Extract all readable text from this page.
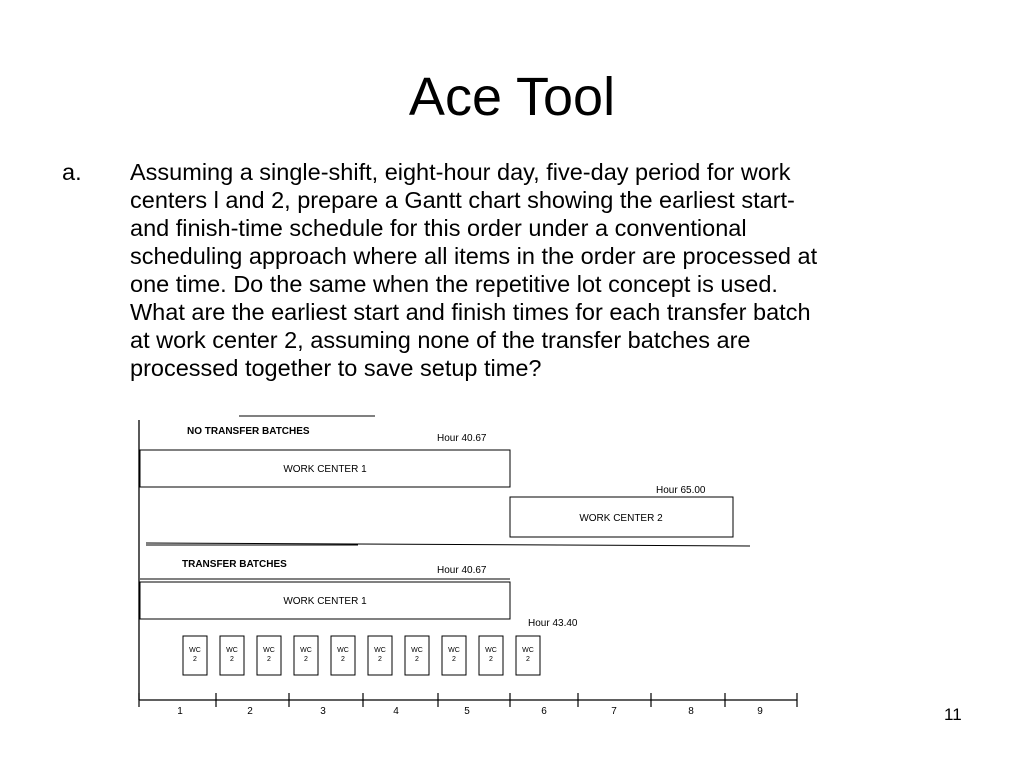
Ace Tool
a. Assuming a single-shift, eight-hour day, five-day period for work
centers l and 2, prepare a Gantt chart showing the earliest start-
and finish-time schedule for this order under a conventional
scheduling approach where all items in the order are processed at
one time. Do the same when the repetitive lot concept is used.
What are the earliest start and finish times for each transfer batch
at work center 2, assuming none of the transfer batches are
processed together to save setup time?
NO TRANSFER BATCHES
Hour 40.67
WORK CENTER 1
Hour 65.00
WORK CENTER 2
TRANSFER BATCHES
Hour 40.67
WORK CENTER 1
Hour 43.40
WC
2
WC
2
WC
2
WC
2
WC
2
WC
2
WC
2
WC
2
WC
2
WC
2
1	2	3	4	5	6	7	8	9	11
